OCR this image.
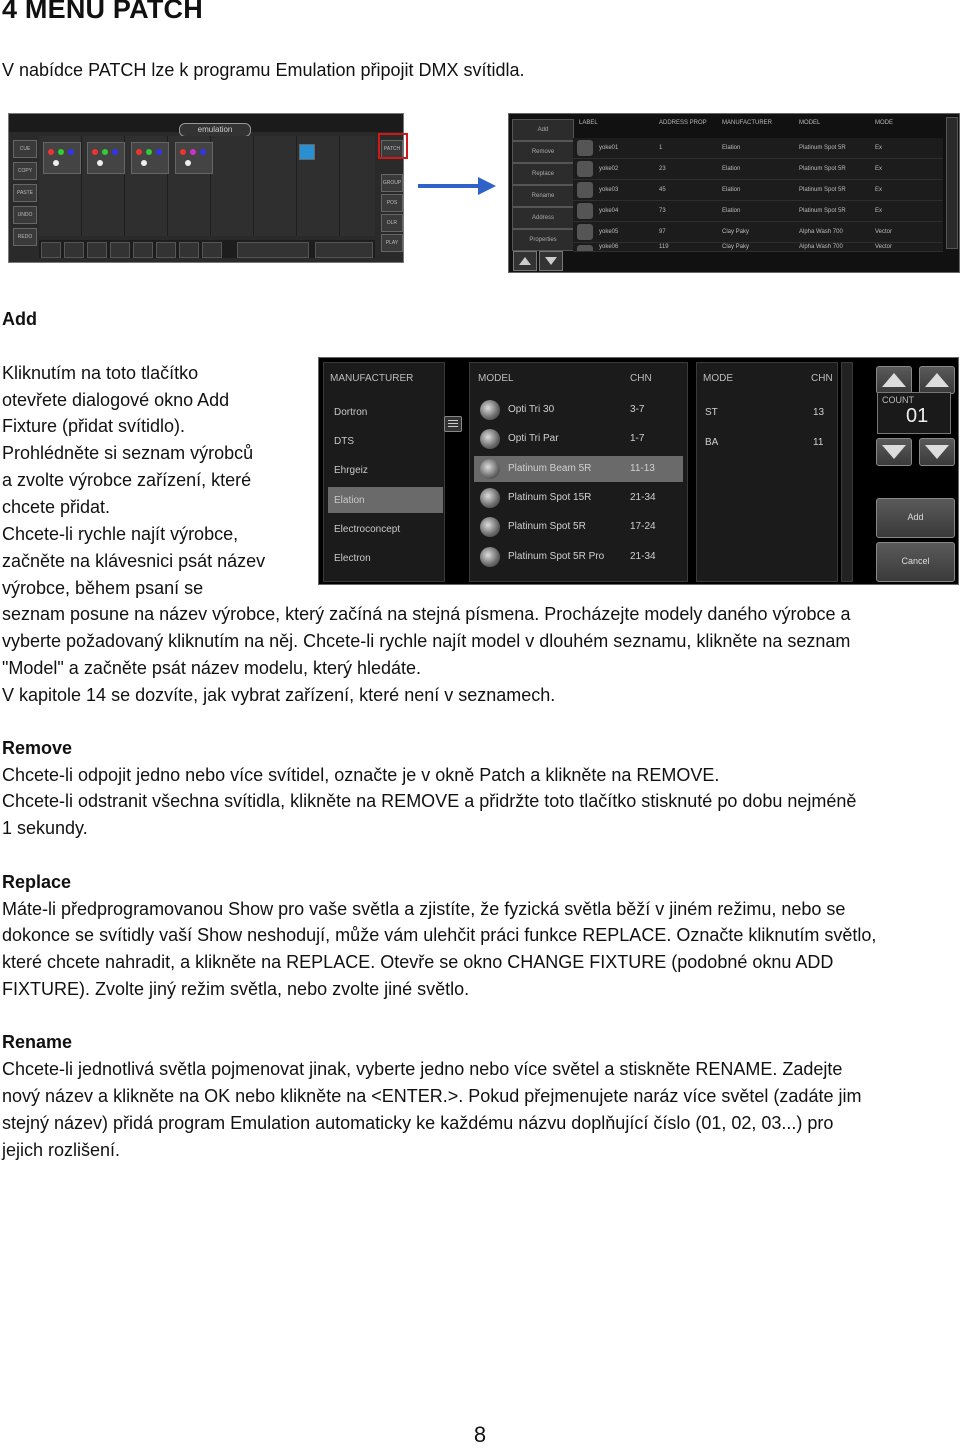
4 MENU PATCH
V nabídce PATCH lze k programu Emulation připojit DMX svítidla.
emulation
CUE
COPY
PASTE
UNDO
REDO
PATCH
GROUP
POS
DLR
PLAY
Add
Remove
Replace
Rename
Address
Properties
LABEL	ADDRESS PROP	MANUFACTURER	MODEL	MODE
yoke01	1	Elation	Platinum Spot 5R	Ex
yoke02	23	Elation	Platinum Spot 5R	Ex
yoke03	45	Elation	Platinum Spot 5R	Ex
yoke04	73	Elation	Platinum Spot 5R	Ex
yoke05	97	Clay Paky	Alpha Wash 700	Vector
yoke06	119	Clay Paky	Alpha Wash 700	Vector
Add
Kliknutím na toto tlačítko
otevřete dialogové okno Add
Fixture (přidat svítidlo).
Prohlédněte si seznam výrobců
a zvolte výrobce zařízení, které
chcete přidat.
Chcete-li rychle najít výrobce,
začněte na klávesnici psát název
výrobce, během psaní se
seznam posune na název výrobce, který začíná na stejná písmena. Procházejte modely daného výrobce a
vyberte požadovaný kliknutím na něj. Chcete-li rychle najít model v dlouhém seznamu, klikněte na seznam
"Model" a začněte psát název modelu, který hledáte.
V kapitole 14 se dozvíte, jak vybrat zařízení, které není v seznamech.
MANUFACTURER
Dortron
DTS
Ehrgeiz
Elation
Electroconcept
Electron
MODEL	CHN
Opti Tri 30	3-7
Opti Tri Par	1-7
Platinum Beam 5R	11-13
Platinum Spot 15R	21-34
Platinum Spot 5R	17-24
Platinum Spot 5R Pro	21-34
MODE	CHN
ST	13
BA	11
COUNT
01
Add
Cancel
Remove
Chcete-li odpojit jedno nebo více svítidel, označte je v okně Patch a klikněte na REMOVE.
Chcete-li odstranit všechna svítidla, klikněte na REMOVE a přidržte toto tlačítko stisknuté po dobu nejméně
1 sekundy.
Replace
Máte-li předprogramovanou Show pro vaše světla a zjistíte, že fyzická světla běží v jiném režimu, nebo se
dokonce se svítidly vaší Show neshodují, může vám ulehčit práci funkce REPLACE. Označte kliknutím světlo,
které chcete nahradit, a klikněte na REPLACE. Otevře se okno CHANGE FIXTURE (podobné oknu ADD
FIXTURE). Zvolte jiný režim světla, nebo zvolte jiné světlo.
Rename
Chcete-li jednotlivá světla pojmenovat jinak, vyberte jedno nebo více světel a stiskněte RENAME. Zadejte
nový název a klikněte na OK nebo klikněte na <ENTER.>. Pokud přejmenujete naráz více světel (zadáte jim
stejný název) přidá program Emulation automaticky ke každému názvu doplňující číslo (01, 02, 03...) pro
jejich rozlišení.
8
